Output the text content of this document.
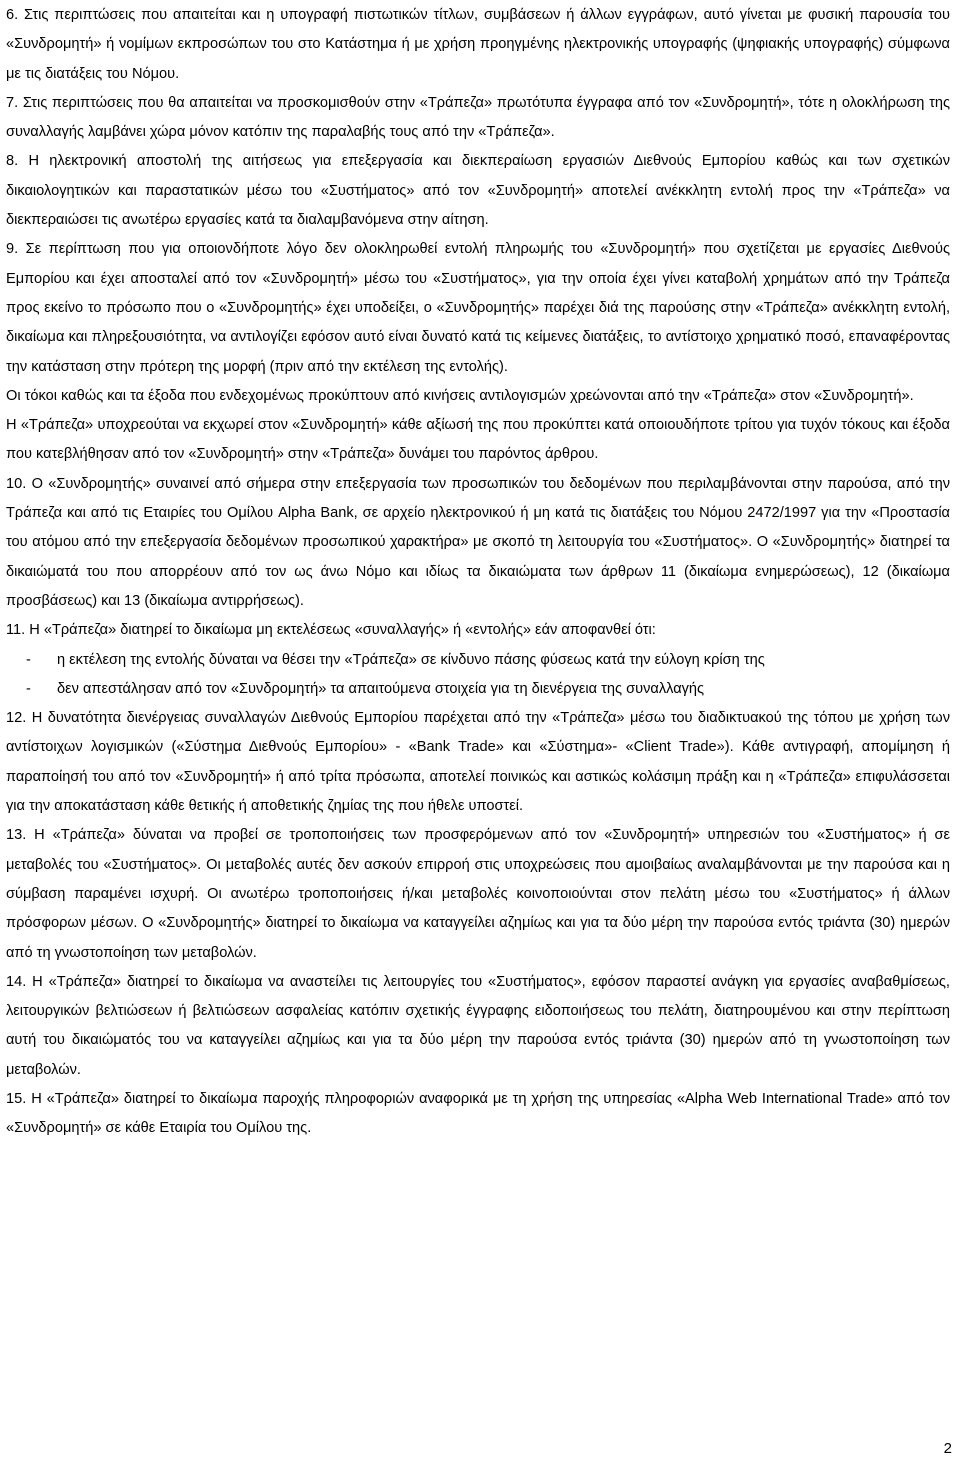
6. Στις περιπτώσεις που απαιτείται και η υπογραφή πιστωτικών τίτλων, συμβάσεων ή άλλων εγγράφων, αυτό γίνεται με φυσική παρουσία του «Συνδρομητή» ή νομίμων εκπροσώπων του στο Κατάστημα ή με χρήση προηγμένης ηλεκτρονικής υπογραφής (ψηφιακής υπογραφής) σύμφωνα με τις διατάξεις του Νόμου.

7. Στις περιπτώσεις που θα απαιτείται να προσκομισθούν στην «Τράπεζα» πρωτότυπα έγγραφα από τον «Συνδρομητή», τότε η ολοκλήρωση της συναλλαγής λαμβάνει χώρα μόνον κατόπιν της παραλαβής τους από την «Τράπεζα».

8. Η ηλεκτρονική αποστολή της αιτήσεως για επεξεργασία και διεκπεραίωση εργασιών Διεθνούς Εμπορίου καθώς και των σχετικών δικαιολογητικών και παραστατικών μέσω του «Συστήματος» από τον «Συνδρομητή» αποτελεί ανέκκλητη εντολή προς την «Τράπεζα» να διεκπεραιώσει τις ανωτέρω εργασίες κατά τα διαλαμβανόμενα στην αίτηση.

9. Σε περίπτωση που για οποιονδήποτε λόγο δεν ολοκληρωθεί εντολή πληρωμής του «Συνδρομητή» που σχετίζεται με εργασίες Διεθνούς Εμπορίου και έχει αποσταλεί από τον «Συνδρομητή» μέσω του «Συστήματος», για την οποία έχει γίνει καταβολή χρημάτων από την Τράπεζα προς εκείνο το πρόσωπο που ο «Συνδρομητής» έχει υποδείξει, ο «Συνδρομητής» παρέχει διά της παρούσης στην «Τράπεζα» ανέκκλητη εντολή, δικαίωμα και πληρεξουσιότητα, να αντιλογίζει εφόσον αυτό είναι δυνατό κατά τις κείμενες διατάξεις, το αντίστοιχο χρηματικό ποσό, επαναφέροντας την κατάσταση στην πρότερη της μορφή (πριν από την εκτέλεση της εντολής).

Οι τόκοι καθώς και τα έξοδα που ενδεχομένως προκύπτουν από κινήσεις αντιλογισμών χρεώνονται από την «Τράπεζα» στον «Συνδρομητή».

Η «Τράπεζα» υποχρεούται να εκχωρεί στον «Συνδρομητή» κάθε αξίωσή της που προκύπτει κατά οποιουδήποτε τρίτου για τυχόν τόκους και έξοδα που κατεβλήθησαν από τον «Συνδρομητή» στην «Τράπεζα» δυνάμει του παρόντος άρθρου.

10. Ο «Συνδρομητής» συναινεί από σήμερα στην επεξεργασία των προσωπικών του δεδομένων που περιλαμβάνονται στην παρούσα, από την Τράπεζα και από τις Εταιρίες του Ομίλου Alpha Bank, σε αρχείο ηλεκτρονικού ή μη κατά τις διατάξεις του Νόμου 2472/1997 για την «Προστασία του ατόμου από την επεξεργασία δεδομένων προσωπικού χαρακτήρα» με σκοπό τη λειτουργία του «Συστήματος». Ο «Συνδρομητής» διατηρεί τα δικαιώματά του που απορρέουν από τον ως άνω Νόμο και ιδίως τα δικαιώματα των άρθρων 11 (δικαίωμα ενημερώσεως), 12 (δικαίωμα προσβάσεως) και 13 (δικαίωμα αντιρρήσεως).

11. Η «Τράπεζα» διατηρεί το δικαίωμα μη εκτελέσεως «συναλλαγής» ή «εντολής» εάν αποφανθεί ότι:

-	η εκτέλεση της εντολής δύναται να θέσει την «Τράπεζα» σε κίνδυνο πάσης φύσεως κατά την εύλογη κρίση της
-	δεν απεστάλησαν από τον «Συνδρομητή» τα απαιτούμενα στοιχεία για τη διενέργεια της συναλλαγής

12. Η δυνατότητα διενέργειας συναλλαγών Διεθνούς Εμπορίου παρέχεται από την «Τράπεζα» μέσω του διαδικτυακού της τόπου με χρήση των αντίστοιχων λογισμικών («Σύστημα Διεθνούς Εμπορίου» - «Bank Trade» και «Σύστημα»- «Client Trade»). Κάθε αντιγραφή, απομίμηση ή παραποίησή του από τον «Συνδρομητή» ή από τρίτα πρόσωπα, αποτελεί ποινικώς και αστικώς κολάσιμη πράξη και η «Τράπεζα» επιφυλάσσεται για την αποκατάσταση κάθε θετικής ή αποθετικής ζημίας της που ήθελε υποστεί.

13. Η «Τράπεζα» δύναται να προβεί σε τροποποιήσεις των προσφερόμενων από τον «Συνδρομητή» υπηρεσιών του «Συστήματος» ή σε μεταβολές του «Συστήματος». Οι μεταβολές αυτές δεν ασκούν επιρροή στις υποχρεώσεις που αμοιβαίως αναλαμβάνονται με την παρούσα και η σύμβαση παραμένει ισχυρή. Οι ανωτέρω τροποποιήσεις ή/και μεταβολές κοινοποιούνται στον πελάτη μέσω του «Συστήματος» ή άλλων πρόσφορων μέσων. Ο «Συνδρομητής» διατηρεί το δικαίωμα να καταγγείλει αζημίως και για τα δύο μέρη την παρούσα εντός τριάντα (30) ημερών από τη γνωστοποίηση των μεταβολών.

14. Η «Τράπεζα» διατηρεί το δικαίωμα να αναστείλει τις λειτουργίες του «Συστήματος», εφόσον παραστεί ανάγκη για εργασίες αναβαθμίσεως, λειτουργικών βελτιώσεων ή βελτιώσεων ασφαλείας κατόπιν σχετικής έγγραφης ειδοποιήσεως του πελάτη, διατηρουμένου και στην περίπτωση αυτή του δικαιώματός του να καταγγείλει αζημίως και για τα δύο μέρη την παρούσα εντός τριάντα (30) ημερών από τη γνωστοποίηση των μεταβολών.

15. Η «Τράπεζα» διατηρεί το δικαίωμα παροχής πληροφοριών αναφορικά με τη χρήση της υπηρεσίας «Alpha Web International Trade» από τον «Συνδρομητή» σε κάθε Εταιρία του Ομίλου της.

2
